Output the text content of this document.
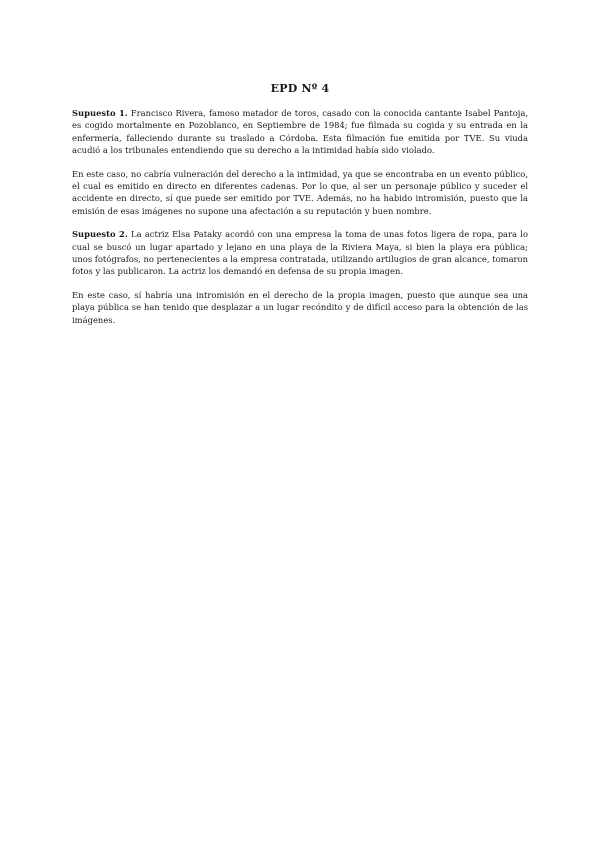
EPD Nº 4

Supuesto 1. Francisco Rivera, famoso matador de toros, casado con la conocida cantante Isabel Pantoja, es cogido mortalmente en Pozoblanco, en Septiembre de 1984; fue filmada su cogida y su entrada en la enfermería, falleciendo durante su traslado a Córdoba. Esta filmación fue emitida por TVE. Su viuda acudió a los tribunales entendiendo que su derecho a la intimidad había sido violado.

En este caso, no cabría vulneración del derecho a la intimidad, ya que se encontraba en un evento público, el cual es emitido en directo en diferentes cadenas. Por lo que, al ser un personaje público y suceder el accidente en directo, sí que puede ser emitido por TVE. Además, no ha habido intromisión, puesto que la emisión de esas imágenes no supone una afectación a su reputación y buen nombre.

Supuesto 2. La actriz Elsa Pataky acordó con una empresa la toma de unas fotos ligera de ropa, para lo cual se buscó un lugar apartado y lejano en una playa de la Riviera Maya, si bien la playa era pública; unos fotógrafos, no pertenecientes a la empresa contratada, utilizando artilugios de gran alcance, tomaron fotos y las publicaron. La actriz los demandó en defensa de su propia imagen.

En este caso, sí habría una intromisión en el derecho de la propia imagen, puesto que aunque sea una playa pública se han tenido que desplazar a un lugar recóndito y de difícil acceso para la obtención de las imágenes.
